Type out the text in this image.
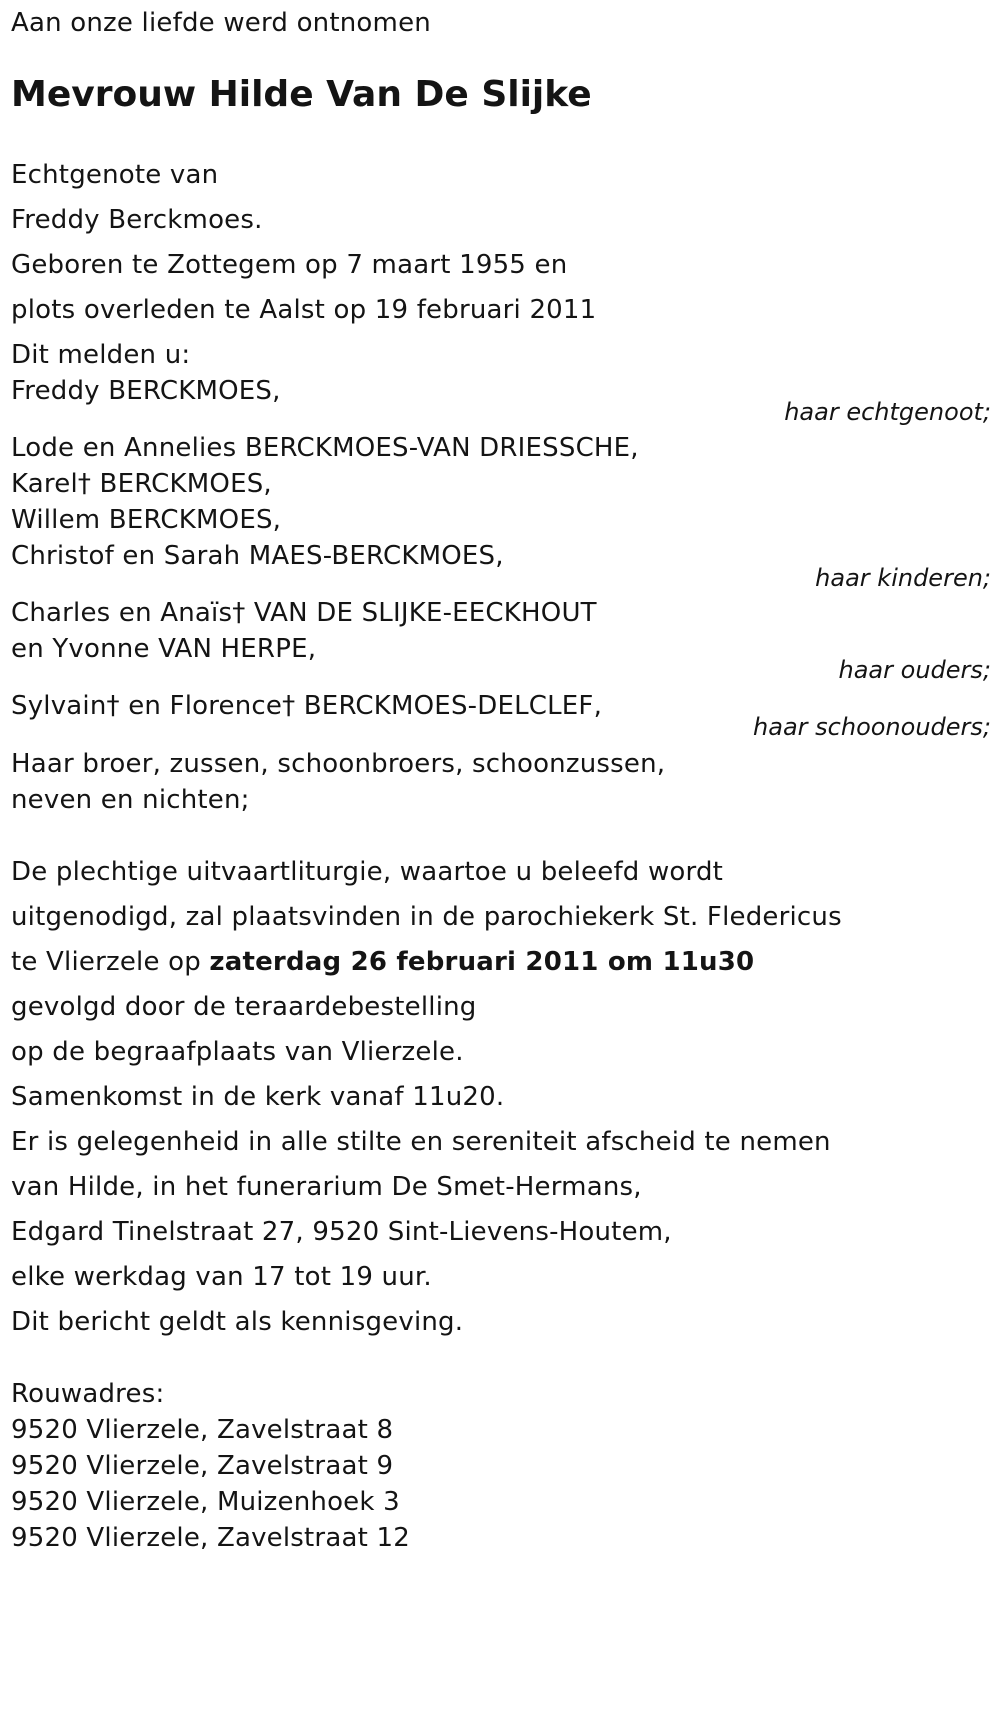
Aan onze liefde werd ontnomen
Mevrouw Hilde Van De Slijke
Echtgenote van
Freddy Berckmoes.
Geboren te Zottegem op 7 maart 1955 en
plots overleden te Aalst op 19 februari 2011
Dit melden u:
Freddy BERCKMOES,
haar echtgenoot;
Lode en Annelies BERCKMOES-VAN DRIESSCHE,
Karel† BERCKMOES,
Willem BERCKMOES,
Christof en Sarah MAES-BERCKMOES,
haar kinderen;
Charles en Anaïs† VAN DE SLIJKE-EECKHOUT
en Yvonne VAN HERPE,
haar ouders;
Sylvain† en Florence† BERCKMOES-DELCLEF,
haar schoonouders;
Haar broer, zussen, schoonbroers, schoonzussen,
neven en nichten;
De plechtige uitvaartliturgie, waartoe u beleefd wordt
uitgenodigd, zal plaatsvinden in de parochiekerk St. Fledericus
te Vlierzele op zaterdag 26 februari 2011 om 11u30
gevolgd door de teraardebestelling
op de begraafplaats van Vlierzele.
Samenkomst in de kerk vanaf 11u20.
Er is gelegenheid in alle stilte en sereniteit afscheid te nemen
van Hilde, in het funerarium De Smet-Hermans,
Edgard Tinelstraat 27, 9520 Sint-Lievens-Houtem,
elke werkdag van 17 tot 19 uur.
Dit bericht geldt als kennisgeving.
Rouwadres:
9520 Vlierzele, Zavelstraat 8
9520 Vlierzele, Zavelstraat 9
9520 Vlierzele, Muizenhoek 3
9520 Vlierzele, Zavelstraat 12
